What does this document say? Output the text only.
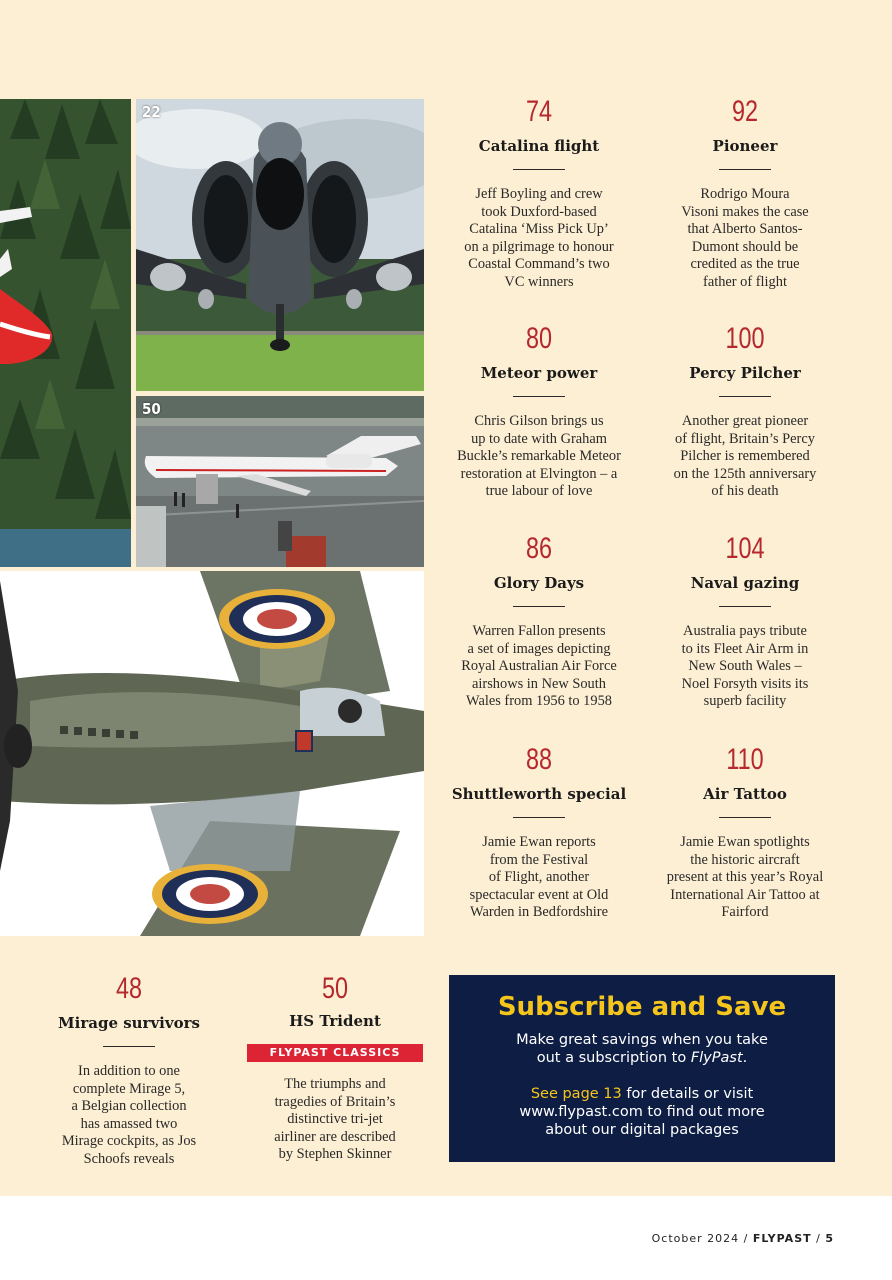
22
50
74
Catalina flight
Jeff Boyling and crew
took Duxford-based
Catalina ‘Miss Pick Up’
on a pilgrimage to honour
Coastal Command’s two
VC winners
92
Pioneer
Rodrigo Moura
Visoni makes the case
that Alberto Santos-
Dumont should be
credited as the true
father of flight
80
Meteor power
Chris Gilson brings us
up to date with Graham
Buckle’s remarkable Meteor
restoration at Elvington – a
true labour of love
100
Percy Pilcher
Another great pioneer
of flight, Britain’s Percy
Pilcher is remembered
on the 125th anniversary
of his death
86
Glory Days
Warren Fallon presents
a set of images depicting
Royal Australian Air Force
airshows in New South
Wales from 1956 to 1958
104
Naval gazing
Australia pays tribute
to its Fleet Air Arm in
New South Wales –
Noel Forsyth visits its
superb facility
88
Shuttleworth special
Jamie Ewan reports
from the Festival
of Flight, another
spectacular event at Old
Warden in Bedfordshire
110
Air Tattoo
Jamie Ewan spotlights
the historic aircraft
present at this year’s Royal
International Air Tattoo at
Fairford
48
Mirage survivors
In addition to one
complete Mirage 5,
a Belgian collection
has amassed two
Mirage cockpits, as Jos
Schoofs reveals
50
HS Trident
FLYPAST CLASSICS
The triumphs and
tragedies of Britain’s
distinctive tri-jet
airliner are described
by Stephen Skinner
Subscribe and Save
Make great savings when you take
out a subscription to FlyPast.
See page 13 for details or visit
www.flypast.com to find out more
about our digital packages
October 2024 / FLYPAST / 5
